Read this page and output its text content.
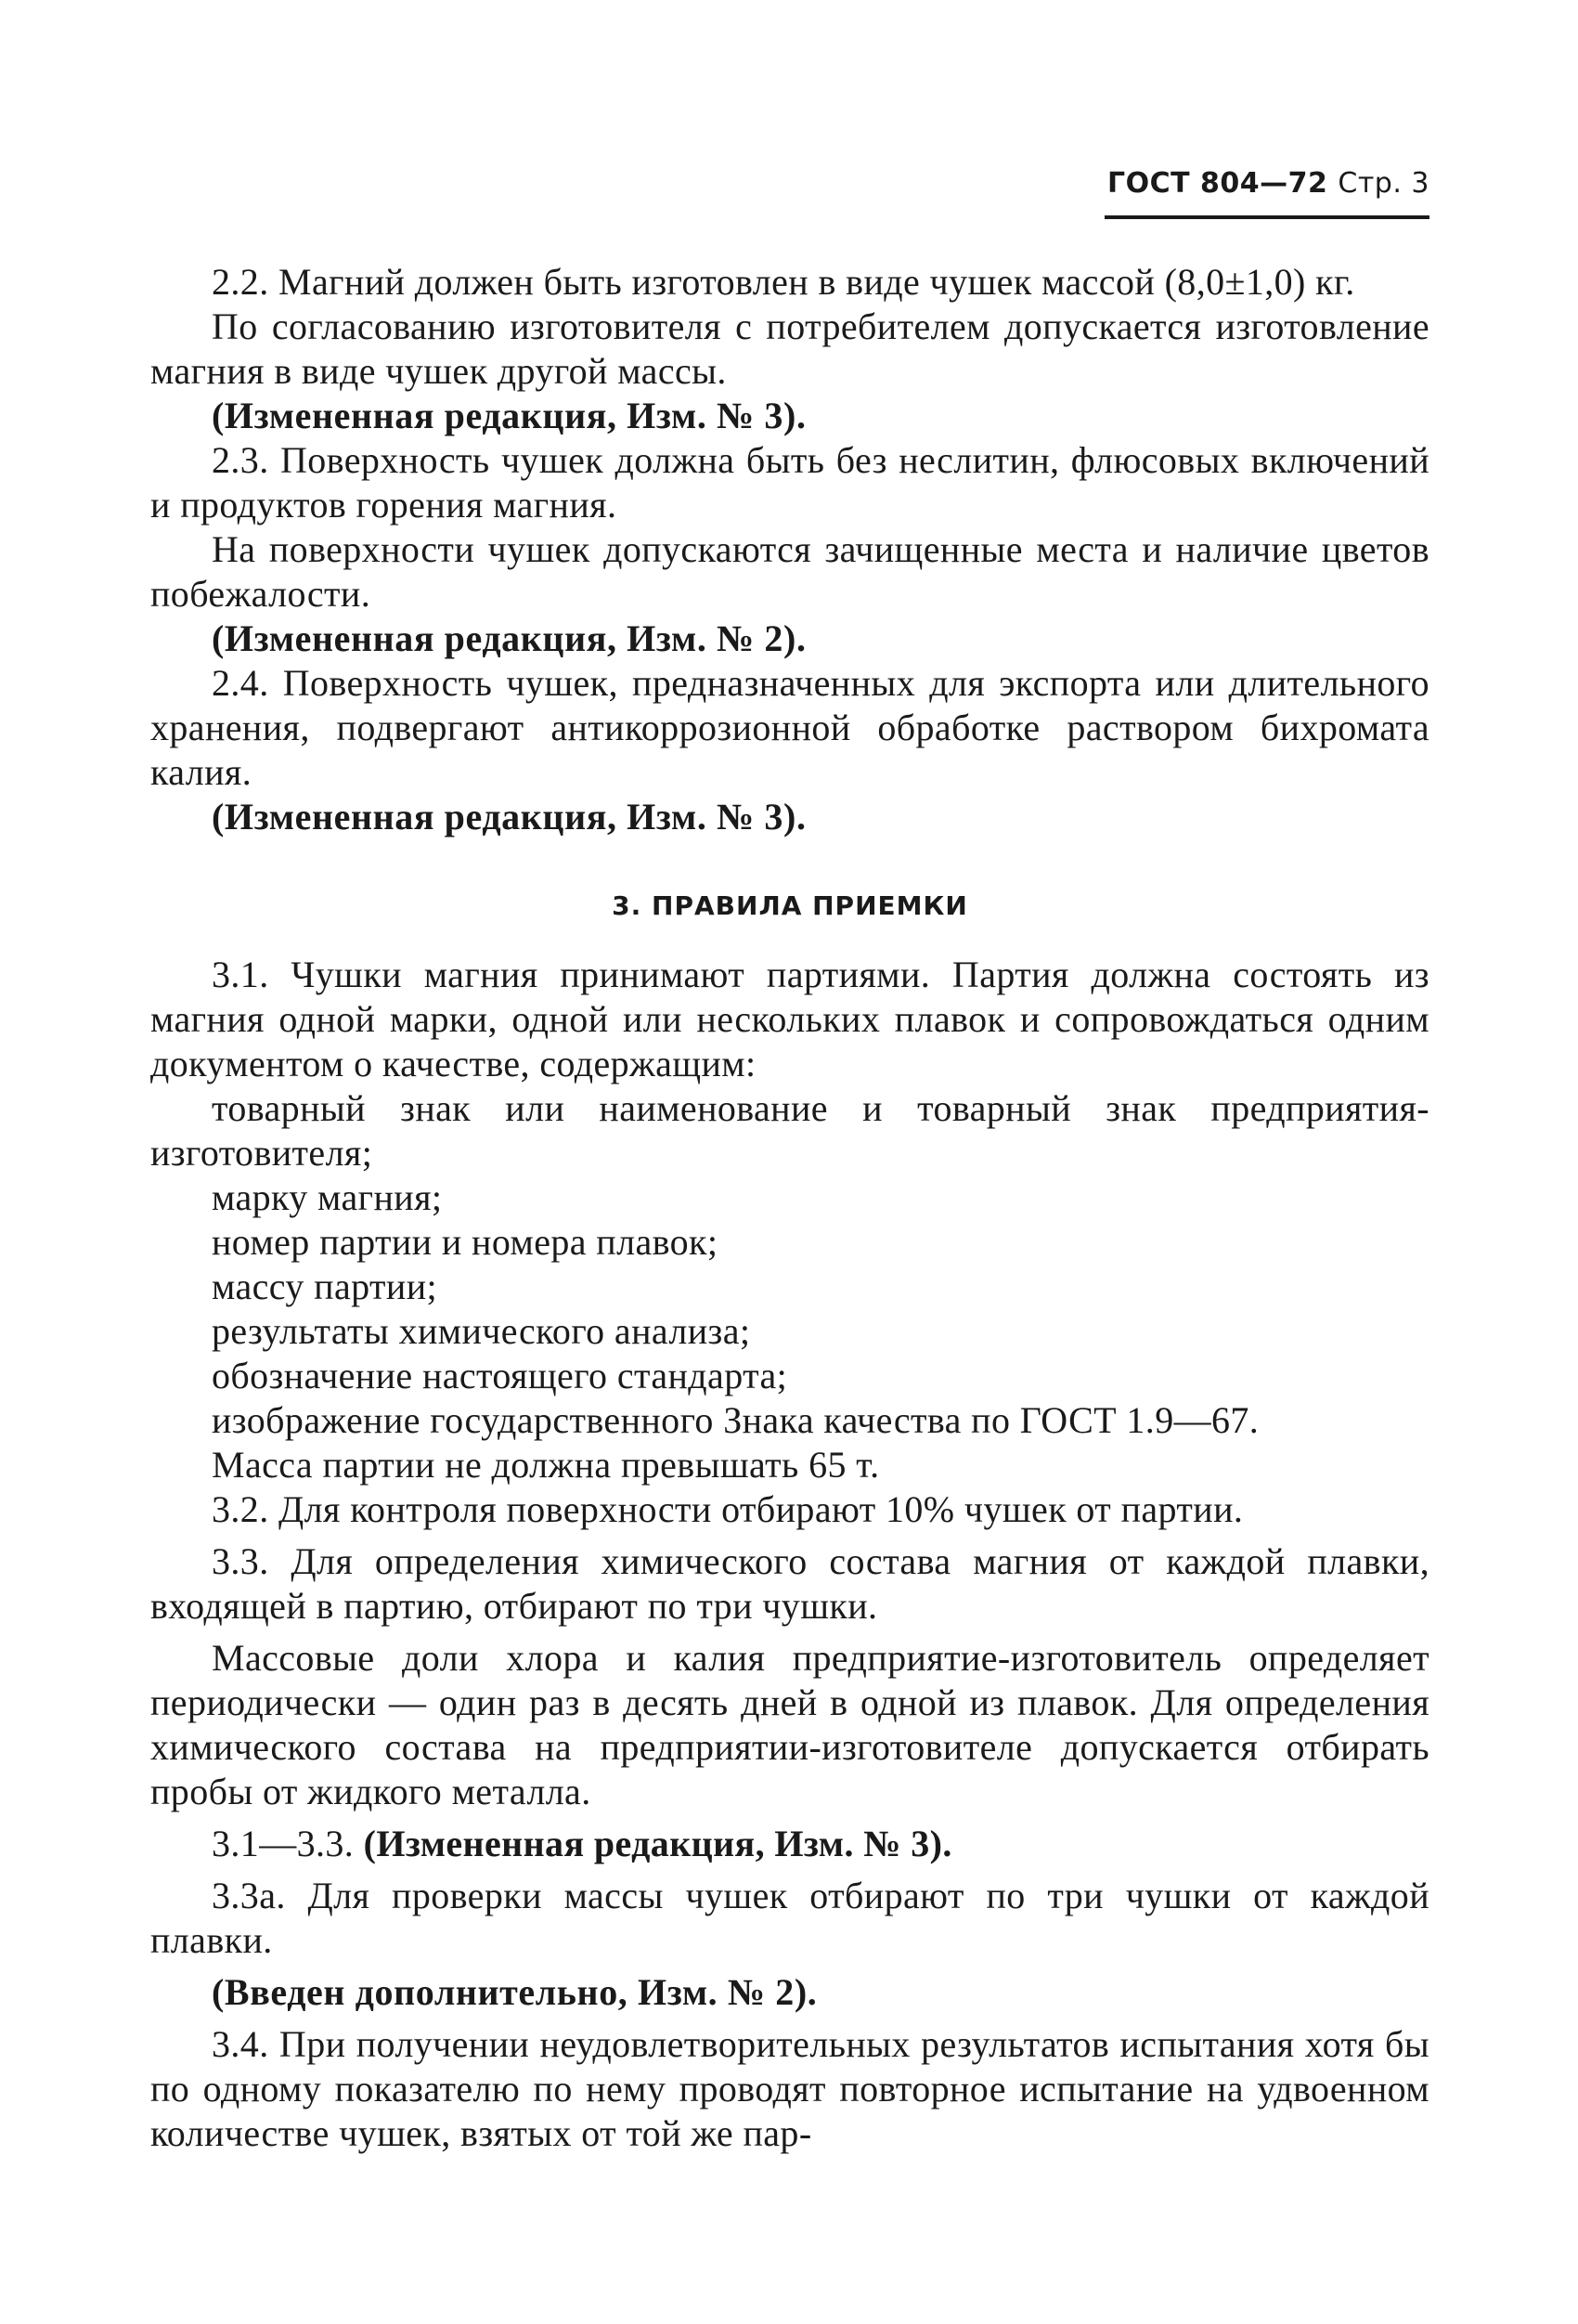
ГОСТ 804—72 Стр. 3

2.2. Магний должен быть изготовлен в виде чушек массой (8,0±1,0) кг.

По согласованию изготовителя с потребителем допускается изготовление магния в виде чушек другой массы.

(Измененная редакция, Изм. № 3).

2.3. Поверхность чушек должна быть без неслитин, флюсовых включений и продуктов горения магния.

На поверхности чушек допускаются зачищенные места и наличие цветов побежалости.

(Измененная редакция, Изм. № 2).

2.4. Поверхность чушек, предназначенных для экспорта или длительного хранения, подвергают антикоррозионной обработке раствором бихромата калия.

(Измененная редакция, Изм. № 3).

3. ПРАВИЛА ПРИЕМКИ

3.1. Чушки магния принимают партиями. Партия должна состоять из магния одной марки, одной или нескольких плавок и сопровождаться одним документом о качестве, содержащим:

товарный знак или наименование и товарный знак предприятия-изготовителя;

марку магния;

номер партии и номера плавок;

массу партии;

результаты химического анализа;

обозначение настоящего стандарта;

изображение государственного Знака качества по ГОСТ 1.9—67.

Масса партии не должна превышать 65 т.

3.2. Для контроля поверхности отбирают 10% чушек от партии.

3.3. Для определения химического состава магния от каждой плавки, входящей в партию, отбирают по три чушки.

Массовые доли хлора и калия предприятие-изготовитель определяет периодически — один раз в десять дней в одной из плавок. Для определения химического состава на предприятии-изготовителе допускается отбирать пробы от жидкого металла.

3.1—3.3. (Измененная редакция, Изм. № 3).

3.3а. Для проверки массы чушек отбирают по три чушки от каждой плавки.

(Введен дополнительно, Изм. № 2).

3.4. При получении неудовлетворительных результатов испытания хотя бы по одному показателю по нему проводят повторное испытание на удвоенном количестве чушек, взятых от той же пар-
